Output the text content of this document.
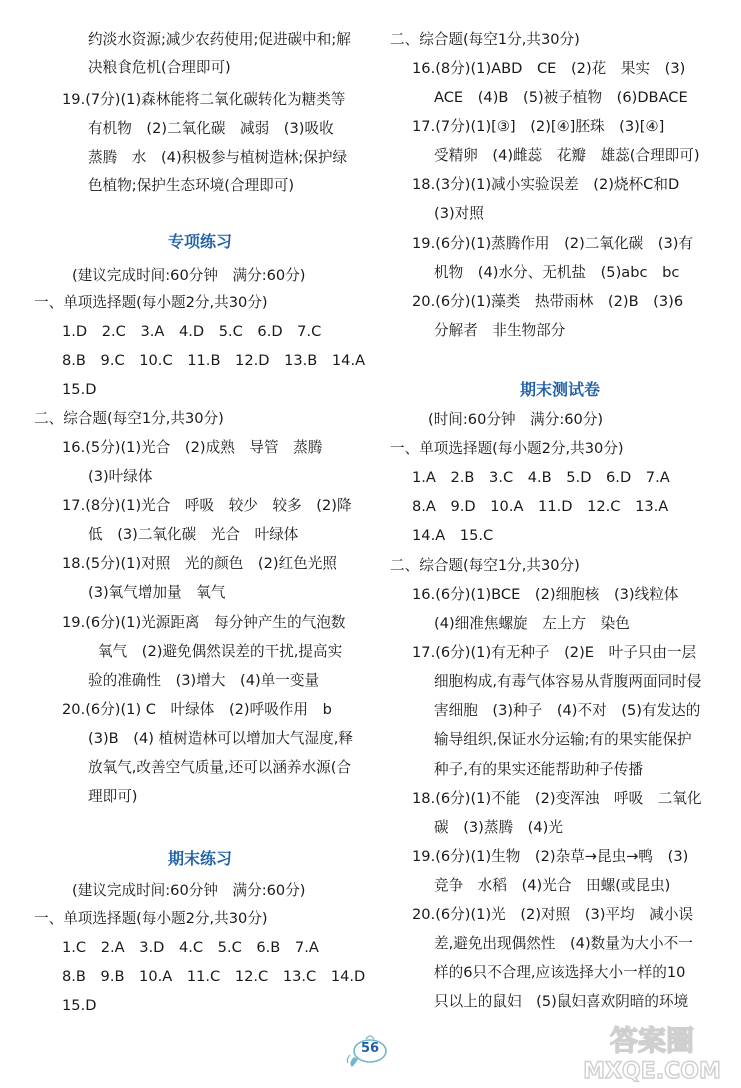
约淡水资源;减少农药使用;促进碳中和;解
决粮食危机(合理即可)
19.(7分)(1)森林能将二氧化碳转化为糖类等
有机物　(2)二氧化碳　减弱　(3)吸收
蒸腾　水　(4)积极参与植树造林;保护绿
色植物;保护生态环境(合理即可)
专项练习
(建议完成时间:60分钟　满分:60分)
一、单项选择题(每小题2分,共30分)
1.D　2.C　3.A　4.D　5.C　6.D　7.C
8.B　9.C　10.C　11.B　12.D　13.B　14.A
15.D
二、综合题(每空1分,共30分)
16.(5分)(1)光合　(2)成熟　导管　蒸腾
(3)叶绿体
17.(8分)(1)光合　呼吸　较少　较多　(2)降
低　(3)二氧化碳　光合　叶绿体
18.(5分)(1)对照　光的颜色　(2)红色光照
(3)氧气增加量　氧气
19.(6分)(1)光源距离　每分钟产生的气泡数
氧气　(2)避免偶然误差的干扰,提高实
验的准确性　(3)增大　(4)单一变量
20.(6分)(1) C　叶绿体　(2)呼吸作用　b
(3)B　(4) 植树造林可以增加大气湿度,释
放氧气,改善空气质量,还可以涵养水源(合
理即可)
期末练习
(建议完成时间:60分钟　满分:60分)
一、单项选择题(每小题2分,共30分)
1.C　2.A　3.D　4.C　5.C　6.B　7.A
8.B　9.B　10.A　11.C　12.C　13.C　14.D
15.D
二、综合题(每空1分,共30分)
16.(8分)(1)ABD　CE　(2)花　果实　(3)
ACE　(4)B　(5)被子植物　(6)DBACE
17.(7分)(1)[③]　(2)[④]胚珠　(3)[④]
受精卵　(4)雌蕊　花瓣　雄蕊(合理即可)
18.(3分)(1)减小实验误差　(2)烧杯C和D
(3)对照
19.(6分)(1)蒸腾作用　(2)二氧化碳　(3)有
机物　(4)水分、无机盐　(5)abc　bc
20.(6分)(1)藻类　热带雨林　(2)B　(3)6
分解者　非生物部分
期末测试卷
(时间:60分钟　满分:60分)
一、单项选择题(每小题2分,共30分)
1.A　2.B　3.C　4.B　5.D　6.D　7.A
8.A　9.D　10.A　11.D　12.C　13.A
14.A　15.C
二、综合题(每空1分,共30分)
16.(6分)(1)BCE　(2)细胞核　(3)线粒体
(4)细准焦螺旋　左上方　染色
17.(6分)(1)有无种子　(2)E　叶子只由一层
细胞构成,有毒气体容易从背腹两面同时侵
害细胞　(3)种子　(4)不对　(5)有发达的
输导组织,保证水分运输;有的果实能保护
种子,有的果实还能帮助种子传播
18.(6分)(1)不能　(2)变浑浊　呼吸　二氧化
碳　(3)蒸腾　(4)光
19.(6分)(1)生物　(2)杂草→昆虫→鸭　(3)
竞争　水稻　(4)光合　田螺(或昆虫)
20.(6分)(1)光　(2)对照　(3)平均　减小误
差,避免出现偶然性　(4)数量为大小不一
样的6只不合理,应该选择大小一样的10
只以上的鼠妇　(5)鼠妇喜欢阴暗的环境
56	答案圈
MXQE.COM
